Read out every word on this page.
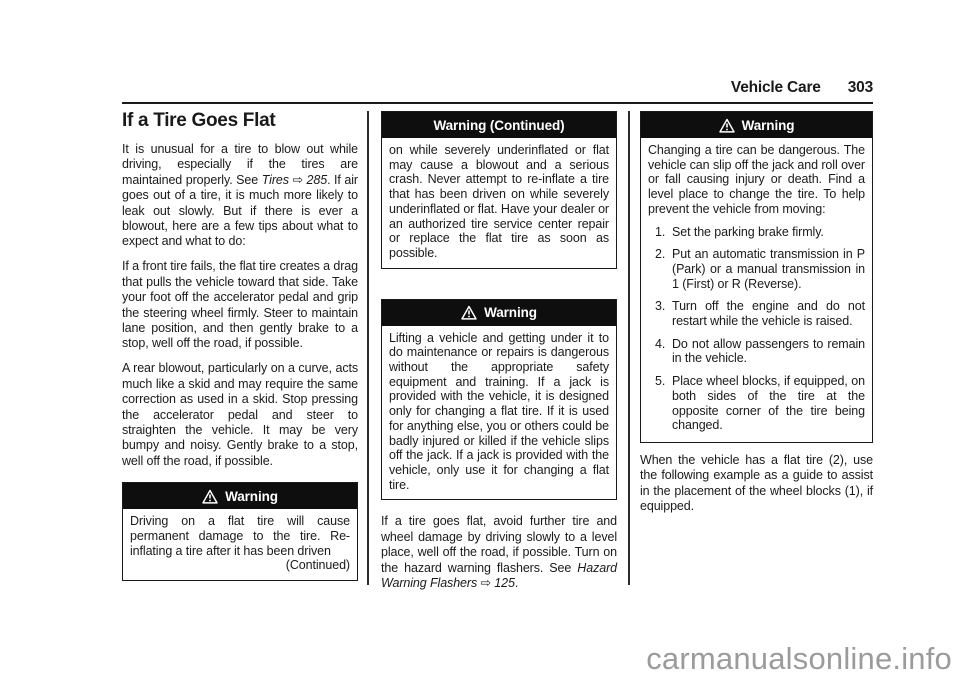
Vehicle Care 303
If a Tire Goes Flat

It is unusual for a tire to blow out while driving, especially if the tires are maintained properly. See Tires ⇨ 285. If air goes out of a tire, it is much more likely to leak out slowly. But if there is ever a blowout, here are a few tips about what to expect and what to do:

If a front tire fails, the flat tire creates a drag that pulls the vehicle toward that side. Take your foot off the accelerator pedal and grip the steering wheel firmly. Steer to maintain lane position, and then gently brake to a stop, well off the road, if possible.

A rear blowout, particularly on a curve, acts much like a skid and may require the same correction as used in a skid. Stop pressing the accelerator pedal and steer to straighten the vehicle. It may be very bumpy and noisy. Gently brake to a stop, well off the road, if possible.

Warning

Driving on a flat tire will cause permanent damage to the tire. Re-inflating a tire after it has been driven

(Continued)
Warning (Continued)

on while severely underinflated or flat may cause a blowout and a serious crash. Never attempt to re-inflate a tire that has been driven on while severely underinflated or flat. Have your dealer or an authorized tire service center repair or replace the flat tire as soon as possible.

Warning

Lifting a vehicle and getting under it to do maintenance or repairs is dangerous without the appropriate safety equipment and training. If a jack is provided with the vehicle, it is designed only for changing a flat tire. If it is used for anything else, you or others could be badly injured or killed if the vehicle slips off the jack. If a jack is provided with the vehicle, only use it for changing a flat tire.

If a tire goes flat, avoid further tire and wheel damage by driving slowly to a level place, well off the road, if possible. Turn on the hazard warning flashers. See Hazard Warning Flashers ⇨ 125.

Warning

Changing a tire can be dangerous. The vehicle can slip off the jack and roll over or fall causing injury or death. Find a level place to change the tire. To help prevent the vehicle from moving:

1. Set the parking brake firmly.
2. Put an automatic transmission in P (Park) or a manual transmission in 1 (First) or R (Reverse).
3. Turn off the engine and do not restart while the vehicle is raised.
4. Do not allow passengers to remain in the vehicle.
5. Place wheel blocks, if equipped, on both sides of the tire at the opposite corner of the tire being changed.

When the vehicle has a flat tire (2), use the following example as a guide to assist in the placement of the wheel blocks (1), if equipped.

carmanualsonline.info
